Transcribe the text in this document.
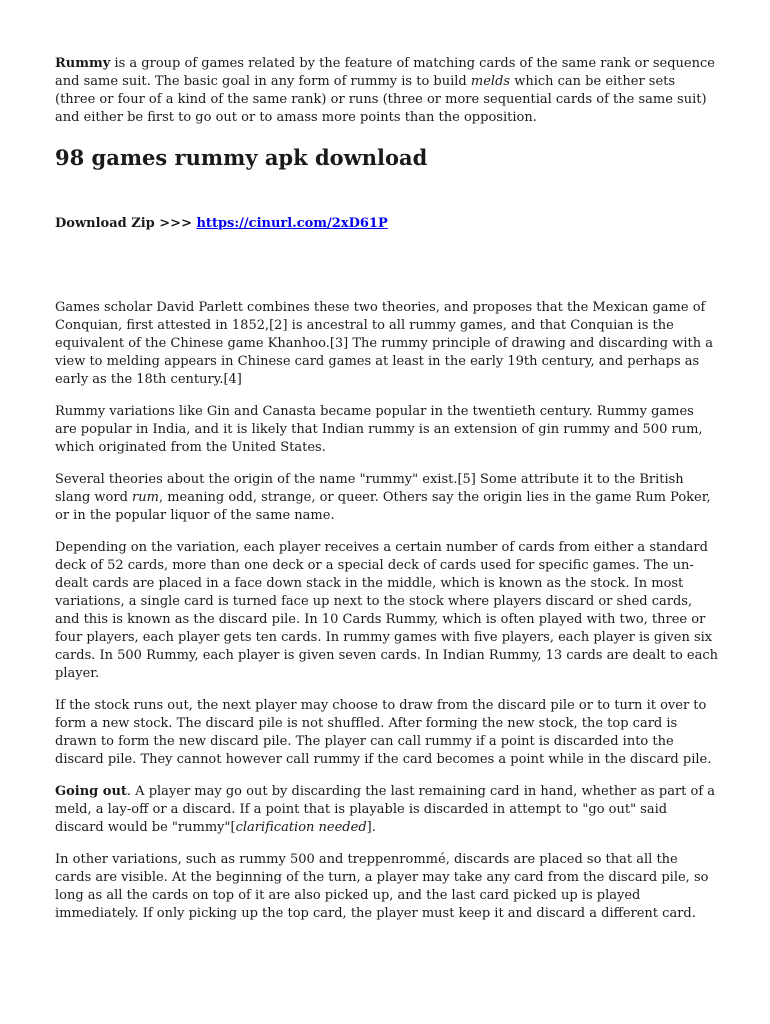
Rummy is a group of games related by the feature of matching cards of the same rank or sequence and same suit. The basic goal in any form of rummy is to build melds which can be either sets (three or four of a kind of the same rank) or runs (three or more sequential cards of the same suit) and either be first to go out or to amass more points than the opposition.

98 games rummy apk download

Download Zip >>> https://cinurl.com/2xD61P

Games scholar David Parlett combines these two theories, and proposes that the Mexican game of Conquian, first attested in 1852,[2] is ancestral to all rummy games, and that Conquian is the equivalent of the Chinese game Khanhoo.[3] The rummy principle of drawing and discarding with a view to melding appears in Chinese card games at least in the early 19th century, and perhaps as early as the 18th century.[4]

Rummy variations like Gin and Canasta became popular in the twentieth century. Rummy games are popular in India, and it is likely that Indian rummy is an extension of gin rummy and 500 rum, which originated from the United States.

Several theories about the origin of the name "rummy" exist.[5] Some attribute it to the British slang word rum, meaning odd, strange, or queer. Others say the origin lies in the game Rum Poker, or in the popular liquor of the same name.

Depending on the variation, each player receives a certain number of cards from either a standard deck of 52 cards, more than one deck or a special deck of cards used for specific games. The un-dealt cards are placed in a face down stack in the middle, which is known as the stock. In most variations, a single card is turned face up next to the stock where players discard or shed cards, and this is known as the discard pile. In 10 Cards Rummy, which is often played with two, three or four players, each player gets ten cards. In rummy games with five players, each player is given six cards. In 500 Rummy, each player is given seven cards. In Indian Rummy, 13 cards are dealt to each player.

If the stock runs out, the next player may choose to draw from the discard pile or to turn it over to form a new stock. The discard pile is not shuffled. After forming the new stock, the top card is drawn to form the new discard pile. The player can call rummy if a point is discarded into the discard pile. They cannot however call rummy if the card becomes a point while in the discard pile.

Going out. A player may go out by discarding the last remaining card in hand, whether as part of a meld, a lay-off or a discard. If a point that is playable is discarded in attempt to "go out" said discard would be "rummy"[clarification needed].

In other variations, such as rummy 500 and treppenrommé, discards are placed so that all the cards are visible. At the beginning of the turn, a player may take any card from the discard pile, so long as all the cards on top of it are also picked up, and the last card picked up is played immediately. If only picking up the top card, the player must keep it and discard a different card.
